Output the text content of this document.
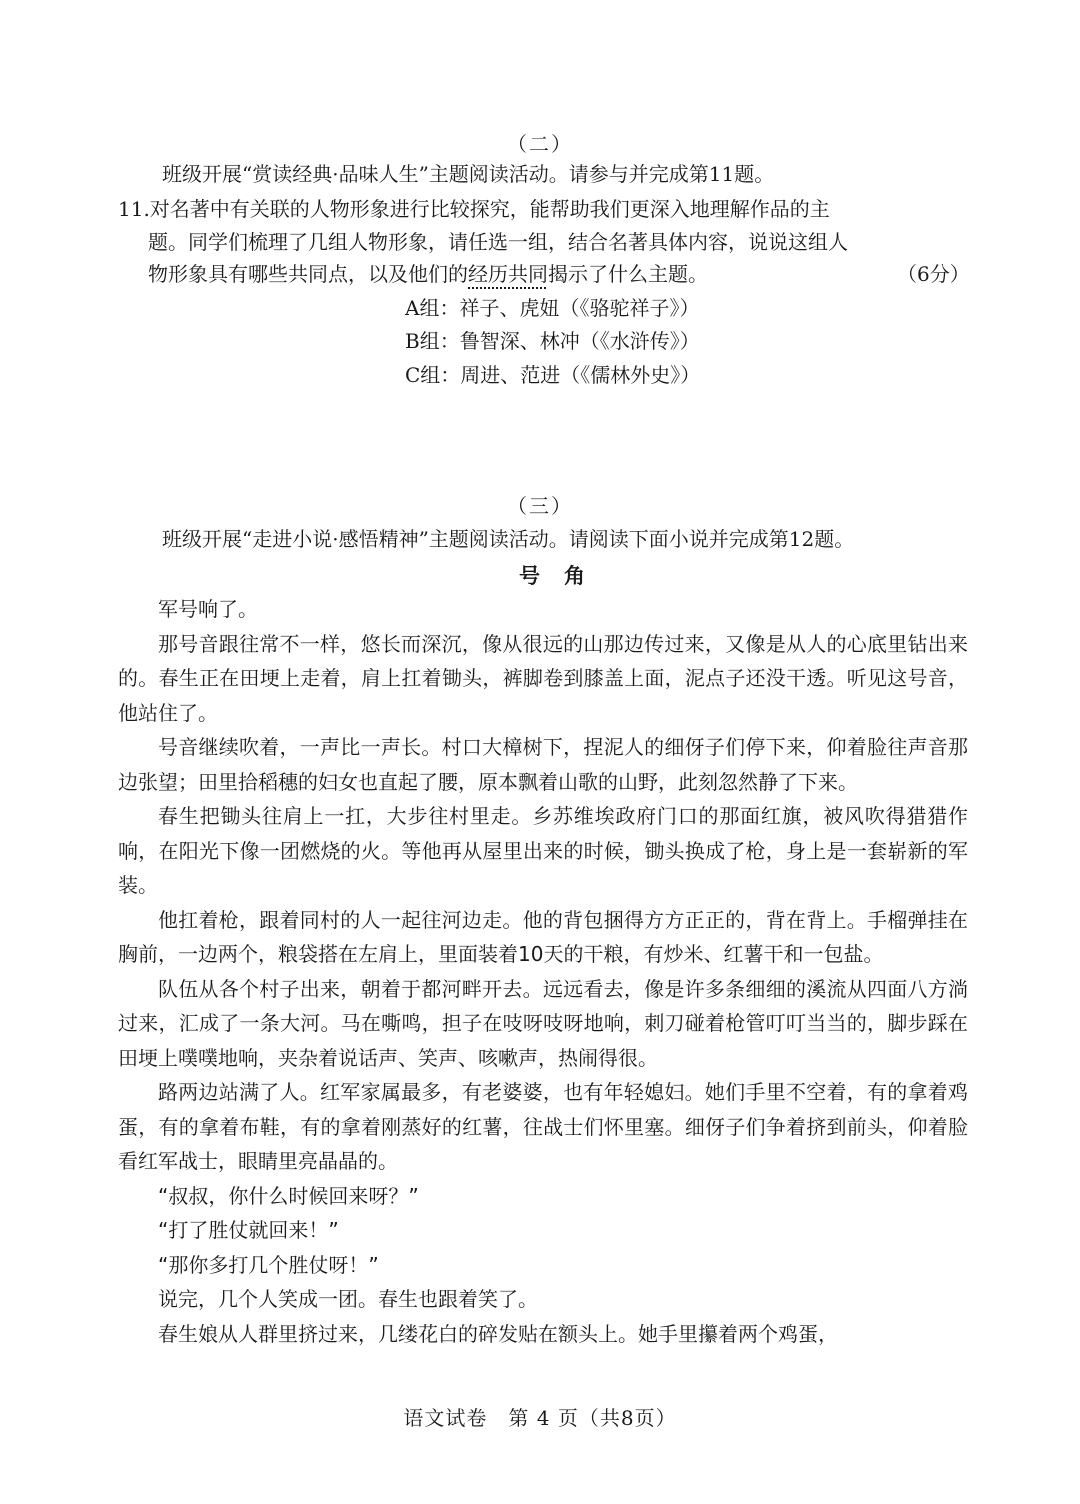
（二）
班级开展“赏读经典·品味人生”主题阅读活动。请参与并完成第11题。
11.对名著中有关联的人物形象进行比较探究，能帮助我们更深入地理解作品的主
题。同学们梳理了几组人物形象，请任选一组，结合名著具体内容，说说这组人
物形象具有哪些共同点，以及他们的经历共同揭示了什么主题。	（6分）
A组：祥子、虎妞（《骆驼祥子》）
B组：鲁智深、林冲（《水浒传》）
C组：周进、范进（《儒林外史》）
（三）
班级开展“走进小说·感悟精神”主题阅读活动。请阅读下面小说并完成第12题。
号角

军号响了。

那号音跟往常不一样，悠长而深沉，像从很远的山那边传过来，又像是从人的心底里钻出来的。春生正在田埂上走着，肩上扛着锄头，裤脚卷到膝盖上面，泥点子还没干透。听见这号音，他站住了。

号音继续吹着，一声比一声长。村口大樟树下，捏泥人的细伢子们停下来，仰着脸往声音那边张望；田里拾稻穗的妇女也直起了腰，原本飘着山歌的山野，此刻忽然静了下来。

春生把锄头往肩上一扛，大步往村里走。乡苏维埃政府门口的那面红旗，被风吹得猎猎作响，在阳光下像一团燃烧的火。等他再从屋里出来的时候，锄头换成了枪，身上是一套崭新的军装。

他扛着枪，跟着同村的人一起往河边走。他的背包捆得方方正正的，背在背上。手榴弹挂在胸前，一边两个，粮袋搭在左肩上，里面装着10天的干粮，有炒米、红薯干和一包盐。

队伍从各个村子出来，朝着于都河畔开去。远远看去，像是许多条细细的溪流从四面八方淌过来，汇成了一条大河。马在嘶鸣，担子在吱呀吱呀地响，刺刀碰着枪管叮叮当当的，脚步踩在田埂上噗噗地响，夹杂着说话声、笑声、咳嗽声，热闹得很。

路两边站满了人。红军家属最多，有老婆婆，也有年轻媳妇。她们手里不空着，有的拿着鸡蛋，有的拿着布鞋，有的拿着刚蒸好的红薯，往战士们怀里塞。细伢子们争着挤到前头，仰着脸看红军战士，眼睛里亮晶晶的。

“叔叔，你什么时候回来呀？”

“打了胜仗就回来！”

“那你多打几个胜仗呀！”

说完，几个人笑成一团。春生也跟着笑了。

春生娘从人群里挤过来，几缕花白的碎发贴在额头上。她手里攥着两个鸡蛋，

语文试卷　第 4 页（共8页）
